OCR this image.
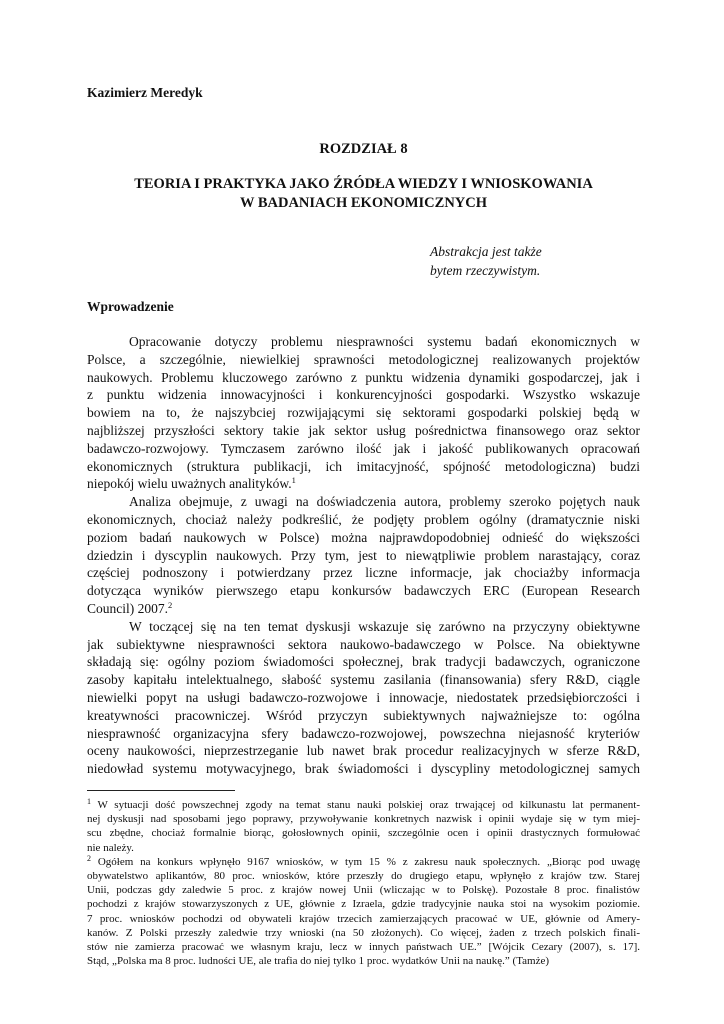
Kazimierz Meredyk

ROZDZIAŁ 8

TEORIA I PRAKTYKA JAKO ŹRÓDŁA WIEDZY I WNIOSKOWANIA
W BADANIACH EKONOMICZNYCH

Abstrakcja jest także
bytem rzeczywistym.

Wprowadzenie

Opracowanie dotyczy problemu niesprawności systemu badań ekonomicznych w
Polsce, a szczególnie, niewielkiej sprawności metodologicznej realizowanych projektów
naukowych. Problemu kluczowego zarówno z punktu widzenia dynamiki gospodarczej, jak i
z punktu widzenia innowacyjności i konkurencyjności gospodarki. Wszystko wskazuje
bowiem na to, że najszybciej rozwijającymi się sektorami gospodarki polskiej będą w
najbliższej przyszłości sektory takie jak sektor usług pośrednictwa finansowego oraz sektor
badawczo-rozwojowy. Tymczasem zarówno ilość jak i jakość publikowanych opracowań
ekonomicznych (struktura publikacji, ich imitacyjność, spójność metodologiczna) budzi
niepokój wielu uważnych analityków.$^1$

Analiza obejmuje, z uwagi na doświadczenia autora, problemy szeroko pojętych nauk
ekonomicznych, chociaż należy podkreślić, że podjęty problem ogólny (dramatycznie niski
poziom badań naukowych w Polsce) można najprawdopodobniej odnieść do większości
dziedzin i dyscyplin naukowych. Przy tym, jest to niewątpliwie problem narastający, coraz
częściej podnoszony i potwierdzany przez liczne informacje, jak chociażby informacja
dotycząca wyników pierwszego etapu konkursów badawczych ERC (European Research
Council) 2007.$^2$

W toczącej się na ten temat dyskusji wskazuje się zarówno na przyczyny obiektywne
jak subiektywne niesprawności sektora naukowo-badawczego w Polsce. Na obiektywne
składają się: ogólny poziom świadomości społecznej, brak tradycji badawczych, ograniczone
zasoby kapitału intelektualnego, słabość systemu zasilania (finansowania) sfery R&D, ciągle
niewielki popyt na usługi badawczo-rozwojowe i innowacje, niedostatek przedsiębiorczości i
kreatywności pracowniczej. Wśród przyczyn subiektywnych najważniejsze to: ogólna
niesprawność organizacyjna sfery badawczo-rozwojowej, powszechna niejasność kryteriów
oceny naukowości, nieprzestrzeganie lub nawet brak procedur realizacyjnych w sferze R&D,
niedowład systemu motywacyjnego, brak świadomości i dyscypliny metodologicznej samych

$^1$ W sytuacji dość powszechnej zgody na temat stanu nauki polskiej oraz trwającej od kilkunastu lat permanent-
nej dyskusji nad sposobami jego poprawy, przywoływanie konkretnych nazwisk i opinii wydaje się w tym miej-
scu zbędne, chociaż formalnie biorąc, gołosłownych opinii, szczególnie ocen i opinii drastycznych formułować
nie należy.

$^2$ Ogółem na konkurs wpłynęło 9167 wniosków, w tym 15 % z zakresu nauk społecznych. „Biorąc pod uwagę
obywatelstwo aplikantów, 80 proc. wniosków, które przeszły do drugiego etapu, wpłynęło z krajów tzw. Starej
Unii, podczas gdy zaledwie 5 proc. z krajów nowej Unii (wliczając w to Polskę). Pozostałe 8 proc. finalistów
pochodzi z krajów stowarzyszonych z UE, głównie z Izraela, gdzie tradycyjnie nauka stoi na wysokim poziomie.
7 proc. wniosków pochodzi od obywateli krajów trzecich zamierzających pracować w UE, głównie od Amery-
kanów. Z Polski przeszły zaledwie trzy wnioski (na 50 złożonych). Co więcej, żaden z trzech polskich finali-
stów nie zamierza pracować we własnym kraju, lecz w innych państwach UE.” [Wójcik Cezary (2007), s. 17].
Stąd, „Polska ma 8 proc. ludności UE, ale trafia do niej tylko 1 proc. wydatków Unii na naukę.” (Tamże)
